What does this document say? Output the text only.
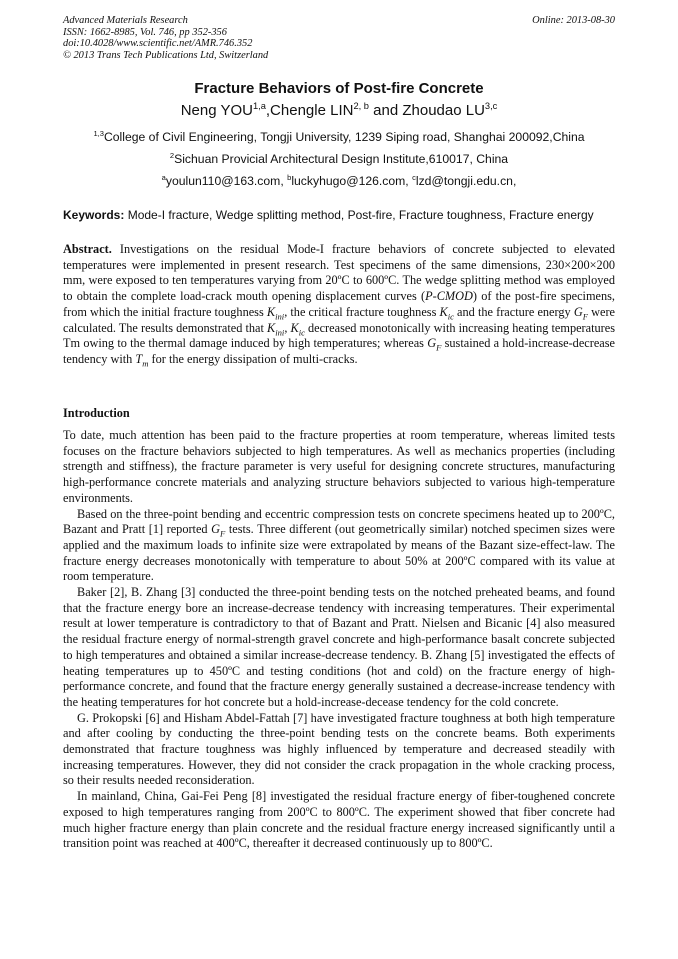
Advanced Materials Research
ISSN: 1662-8985, Vol. 746, pp 352-356
doi:10.4028/www.scientific.net/AMR.746.352
© 2013 Trans Tech Publications Ltd, Switzerland
Online: 2013-08-30
Fracture Behaviors of Post-fire Concrete
Neng YOU$^{1,a}$,Chengle LIN$^{2, b}$ and Zhoudao LU$^{3,c}$
$^{1,3}$College of Civil Engineering, Tongji University, 1239 Siping road, Shanghai 200092,China
$^2$Sichuan Provicial Architectural Design Institute,610017, China
$^a$youlun110@163.com, $^b$luckyhugo@126.com, $^c$lzd@tongji.edu.cn,
Keywords: Mode-I fracture, Wedge splitting method, Post-fire, Fracture toughness, Fracture energy

Abstract. Investigations on the residual Mode-I fracture behaviors of concrete subjected to elevated temperatures were implemented in present research. Test specimens of the same dimensions, 230×200×200 mm, were exposed to ten temperatures varying from 20ºC to 600ºC. The wedge splitting method was employed to obtain the complete load-crack mouth opening displacement curves (P-CMOD) of the post-fire specimens, from which the initial fracture toughness $K_{ini}$, the critical fracture toughness $K_{ic}$ and the fracture energy $G_F$ were calculated. The results demonstrated that $K_{ini}$, $K_{ic}$ decreased monotonically with increasing heating temperatures Tm owing to the thermal damage induced by high temperatures; whereas $G_F$ sustained a hold-increase-decrease tendency with $T_m$ for the energy dissipation of multi-cracks.

Introduction

To date, much attention has been paid to the fracture properties at room temperature, whereas limited tests focuses on the fracture behaviors subjected to high temperatures. As well as mechanics properties (including strength and stiffness), the fracture parameter is very useful for designing concrete structures, manufacturing high-performance concrete materials and analyzing structure behaviors subjected to various high-temperature environments.

Based on the three-point bending and eccentric compression tests on concrete specimens heated up to 200ºC, Bazant and Pratt [1] reported $G_F$ tests. Three different (out geometrically similar) notched specimen sizes were applied and the maximum loads to infinite size were extrapolated by means of the Bazant size-effect-law. The fracture energy decreases monotonically with temperature to about 50% at 200ºC compared with its value at room temperature.

Baker [2], B. Zhang [3] conducted the three-point bending tests on the notched preheated beams, and found that the fracture energy bore an increase-decrease tendency with increasing temperatures. Their experimental result at lower temperature is contradictory to that of Bazant and Pratt. Nielsen and Bicanic [4] also measured the residual fracture energy of normal-strength gravel concrete and high-performance basalt concrete subjected to high temperatures and obtained a similar increase-decrease tendency. B. Zhang [5] investigated the effects of heating temperatures up to 450ºC and testing conditions (hot and cold) on the fracture energy of high-performance concrete, and found that the fracture energy generally sustained a decrease-increase tendency with the heating temperatures for hot concrete but a hold-increase-decease tendency for the cold concrete.

G. Prokopski [6] and Hisham Abdel-Fattah [7] have investigated fracture toughness at both high temperature and after cooling by conducting the three-point bending tests on the concrete beams. Both experiments demonstrated that fracture toughness was highly influenced by temperature and decreased steadily with increasing temperatures. However, they did not consider the crack propagation in the whole cracking process, so their results needed reconsideration.

In mainland, China, Gai-Fei Peng [8] investigated the residual fracture energy of fiber-toughened concrete exposed to high temperatures ranging from 200ºC to 800ºC. The experiment showed that fiber concrete had much higher fracture energy than plain concrete and the residual fracture energy increased significantly until a transition point was reached at 400ºC, thereafter it decreased continuously up to 800ºC.
